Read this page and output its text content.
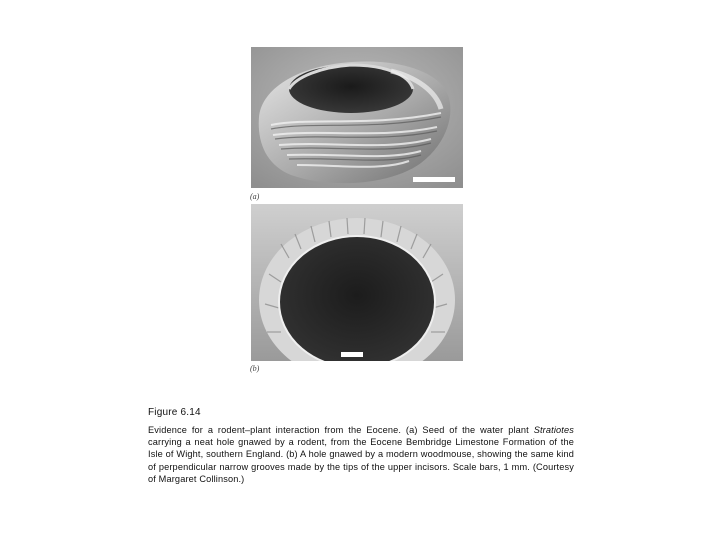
(a)
(b)
Figure 6.14
Evidence for a rodent–plant interaction from the Eocene. (a) Seed of the water plant Stratiotes carrying a neat hole gnawed by a rodent, from the Eocene Bembridge Limestone Formation of the Isle of Wight, southern England. (b) A hole gnawed by a modern woodmouse, showing the same kind of perpendicular narrow grooves made by the tips of the upper incisors. Scale bars, 1 mm. (Courtesy of Margaret Collinson.)
